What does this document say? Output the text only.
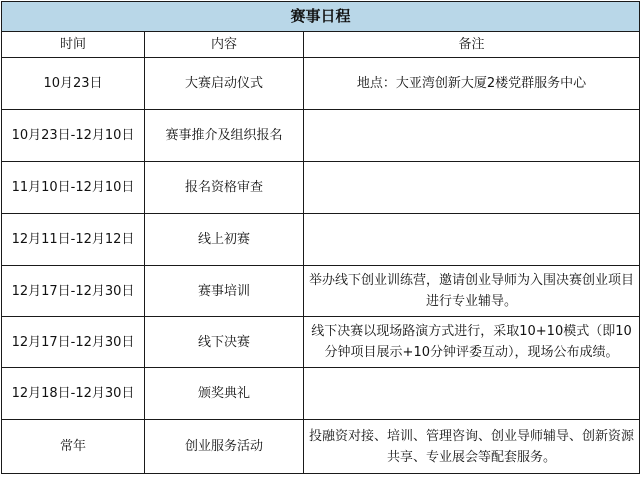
赛事日程		
时间	内容	备注
10月23日	大赛启动仪式	地点：大亚湾创新大厦2楼党群服务中心
10月23日-12月10日	赛事推介及组织报名	
11月10日-12月10日	报名资格审查	
12月11日-12月12日	线上初赛	
12月17日-12月30日	赛事培训	举办线下创业训练营，邀请创业导师为入围决赛创业项目进行专业辅导。
12月17日-12月30日	线下决赛	线下决赛以现场路演方式进行，采取10+10模式（即10分钟项目展示+10分钟评委互动），现场公布成绩。
12月18日-12月30日	颁奖典礼	
常年	创业服务活动	投融资对接、培训、管理咨询、创业导师辅导、创新资源共享、专业展会等配套服务。
